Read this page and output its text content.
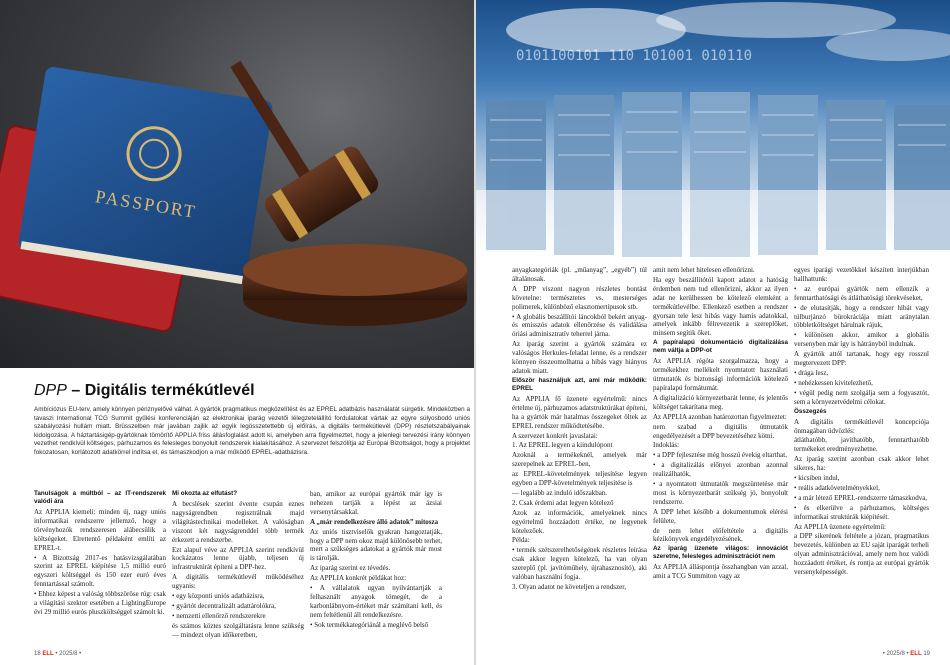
PASSPORT
DPP – Digitális termékútlevél
Ambíciózus EU-terv, amely könnyen pénznyelővé válhat. A gyártók pragmatikus megközelítést és az EPREL adatbázis használatát sürgetik. Mindeközben a tavaszi International TCG Summit gyűlési konferenciáján az elektronikai iparág vezetői lélegzetelállító fordulatokat vártak az egyre súlyosbodó uniós szabályozási hullám miatt. Brüsszelben már javában zajlik az egyik legösszetettebb új előírás, a digitális termékútlevél (DPP) részletszabályainak kidolgozása. A háztartásigép-gyártóknak tömörítő APPLIA friss állásfoglalást adott ki, amelyben arra figyelmeztet, hogy a jelenlegi tervezési irány könnyen vezethet rendkívül költséges, párhuzamos és felesleges bonyolult rendszerek kialakításához. A szervezet felszólítja az Európai Bizottságot, hogy a projektet fokozatosan, korlátozott adatkörrel indítsa el, és támaszkodjon a már működő EPREL-adatbázisra.

Tanulságok a múltból – az IT-rendszerek valódi ára

Az APPLIA kiemeli: minden új, nagy uniós informatikai rendszerre jellemző, hogy a törvényhozók rendszeresen alábecsülik a költségeket. Elrettentő példaként említi az EPREL-t.

• A Bizottság 2017-es hatásvizsgálatában szerint az EPREL kiépítése 1,5 millió euró egyszeri költséggel és 150 ezer euró éves fenntartással számolt.

• Ehhez képest a valóság többszöröse rúg: csak a világítási szektor esetében a LightingEurope évi 29 millió eurós pluszköltséggel számolt ki.

Mi okozta az elfutást?

A becslések szerint évente csupán eznes nagyságrendben regisztrálnak majd világítástechnikai modelleket. A valóságban viszont két nagyságrenddel több termék érkezett a rendszerbe.

Ezt alapul véve az APPLIA szerint rendkívül kockázatos lenne újabb, teljesen új infrastruktúrát építeni a DPP-hez.

A digitális termékútlevél működéséhez ugyanis:

• egy központi uniós adatbázisra,

• gyártót decentralizált adattárolókra,

• nemzetti ellenőrző rendszerekre

és számos köztes szolgáltatásra lenne szükség — mindezt olyan időkeretben,

ban, amikor az európai gyártók már így is nehezen tartják a lépést az ázsiai versenytársakkal.

A „már rendelkezésre álló adatok” mítosza

Az uniós tisztviselők gyakran hangoztatják, hogy a DPP nem okoz majd különösebb terhet, mert a szükséges adatokat a gyártók már most is tárolják.

Az iparág szerint ez tévedés.

Az APPLIA konkrét példákat hoz:

• A vállalatok ugyan nyilvántartják a felhasznált anyagok tömegét, de a karbonlábnyom-értéket már számítani kell, és nem feltétlenül áll rendelkezésre.

• Sok termékkategóriánál a meglévő belső

18 ELL • 2025/8 •
0101100101 110 101001 010110

anyagkategóriák (pl. „műanyag”, „egyéb”) túl általánosak.

A DPP viszont nagyon részletes bontást követelne: természtetes vs. mesterséges polimerek, különböző elasztomertípusok stb.

• A globális beszállítói láncokból bekért anyag- és emisszós adatok ellenőrzése és validálása óriási adminisztratív teherrel járna.

Az iparág szerint a gyártók számára ez valóságos Herkules-feladat lenne, és a rendszer könnyen összeomolhatna a hibás vagy hiányos adatok miatt.

Először használjuk azt, ami már működik: EPREL

Az APPLIA fő üzenete egyértelmű: nincs értelme új, párhuzamos adatstruktúrákat építeni, ha a gyártók már hatalmas összegeket öltek az EPREL rendszer működtetésébe.

A szervezet konkrét javaslatai:

1. Az EPREL legyen a kiindulópont

Azoknál a termékeknél, amelyek már szerepelnek az EPREL-ben,

az EPREL-követelmények teljesítése legyen egyben a DPP-követelmények teljesítése is

— legalább az induló időszakban.

2. Csak érdemi adat legyen kötelező

Azok az információk, amelyeknek nincs egyértelmű hozzáadott értéke, ne legyenek kötelezőek.

Példa:

• termék szétszerelhetőségének részletes leírása csak akkor legyen kötelező, ha van olyan szereplő (pl. javítóműhely, újrahasznosító), aki valóban használni fogja.

3. Olyan adatot ne követeljen a rendszer,

amit nem lehet hitelesen ellenőrizni.

Ha egy beszállítótól kapott adatot a hatóság érdemben nem tud ellenőrizni, akkor az ilyen adat ne kerülhessen be kötelező elemként a termékútlevélbe. Ellenkező esetben a rendszer gyorsan tele lesz hibás vagy hamis adatokkal, amelyek inkább félrevezetik a szereplőket, minsem segítik őket.

A papíralapú dokumentáció digitalizálása nem váltja a DPP-ot

Az APPLIA régóta szorgalmazza, hogy a termékekhez mellékelt nyomtatott használati útmutatók és biztonsági információk kötelező papíralapú formátumát.

A digitalizáció környezetbarát lenne, és jelentős költséget takarítana meg.

Az APPLIA azonban határozottan figyelmeztet:

nem szabad a digitális útmutatók engedélyezését a DPP bevezetéséhez kötni.

Indoklás:

• a DPP fejlesztése még hosszú évekig eltarthat,

• a digitalizálás előnyei azonban azonnal realizálhatók,

• a nyomtatott útmutatók megszüntetése már most is környezetbarát szükség jó, bonyolult rendszerre.

A DPP lehet később a dokumentumok elérési felülete,

de nem lehet előfeltétele a digitális kézikönyvek engedélyezésének.

Az iparág üzenete világos: innovációt szeretne, felesleges adminisztrációt nem

Az APPLIA álláspontja összhangban van azzal, amit a TCG Summiton vagy az

egyes iparági vezetőkkel készített interjúkban hallhattunk:

• az európai gyártók nem ellenzik a fenntarthatósági és átláthatósági törekvéseket,

• de elutasítják, hogy a rendszer hibát vagy túlburjánzó bürokráciája miatt aránytalan többletköltséget hárulnak rájuk,

• különösen akkor, amikor a globális versenyben már így is hátrányból indulnak.

A gyártók attól tartanak, hogy egy rosszul megtervezett DPP:

• drága lesz,

• nehézkessen kivitelezhető,

• végül pedig nem szolgálja sem a fogyasztót, sem a környezetvédelmi célokat.

Összegzés

A digitális termékútlevél koncepciója önmagában üdvözlés:

átláthatóbb, javíthatóbb, fenntarthatóbb termékeket eredményezhetne.

Az iparág szerint azonban csak akkor lehet sikeres, ha:

• kicsiben indul,

• reális adatkövetelményekkel,

• a már létező EPREL-rendszerre támaszkodva,

• és elkerülve a párhuzamos, költséges informatikai struktúrák kiépítését.

Az APPLIA üzenete egyértelmű:

a DPP sikerének feltétele a józan, pragmatikus bevezetés, különben az EU saját iparágát terheli olyan adminisztrációval, amely nem hoz valódi hozzáadott értéket, és rontja az európai gyártók versenyképességét.

• 2025/8 • ELL 19
